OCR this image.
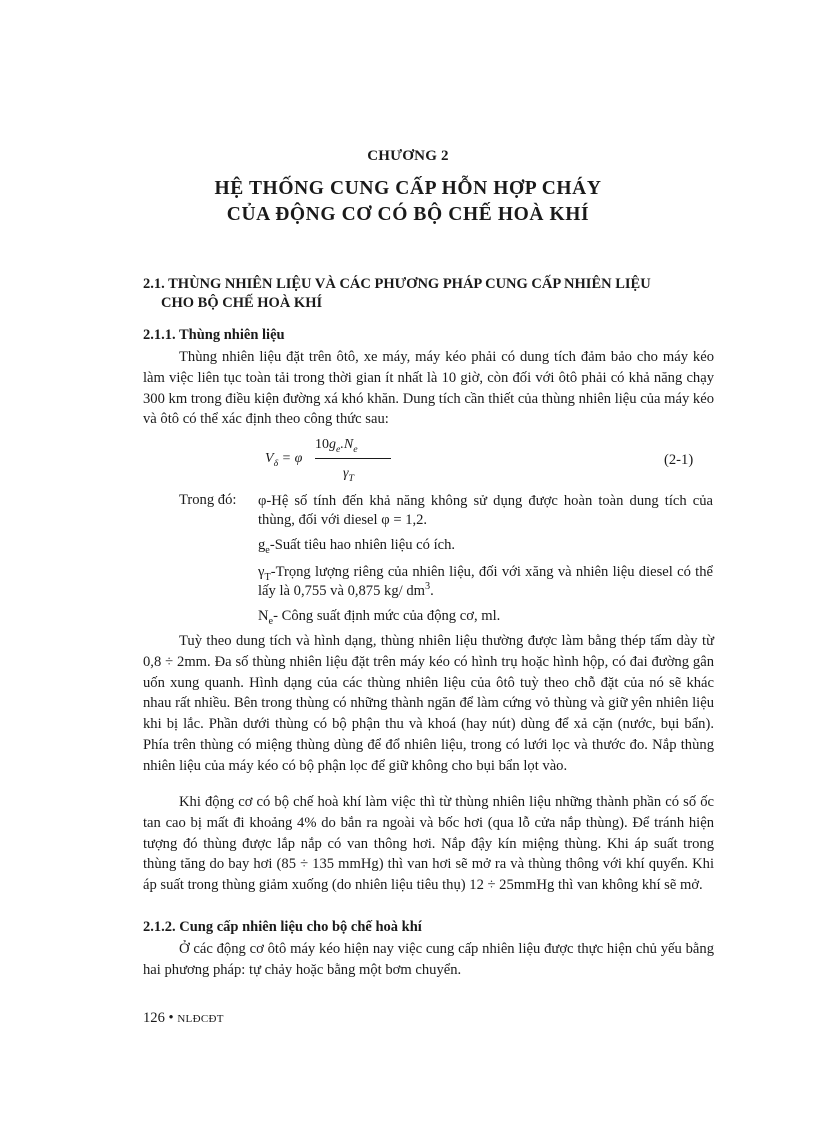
CHƯƠNG 2
HỆ THỐNG CUNG CẤP HỖN HỢP CHÁY
CỦA ĐỘNG CƠ CÓ BỘ CHẾ HOÀ KHÍ
2.1. THÙNG NHIÊN LIỆU VÀ CÁC PHƯƠNG PHÁP CUNG CẤP NHIÊN LIỆU
CHO BỘ CHẾ HOÀ KHÍ
2.1.1. Thùng nhiên liệu

Thùng nhiên liệu đặt trên ôtô, xe máy, máy kéo phải có dung tích đảm bảo cho máy kéo làm việc liên tục toàn tải trong thời gian ít nhất là 10 giờ, còn đối với ôtô phải có khả năng chạy 300 km trong điều kiện đường xá khó khăn. Dung tích cần thiết của thùng nhiên liệu của máy kéo và ôtô có thể xác định theo công thức sau:

$V_\delta = \varphi$
$10g_e.N_e$
$\gamma_T$
(2-1)
Trong đó: φ-Hệ số tính đến khả năng không sử dụng được hoàn toàn dung tích của thùng, đối với diesel φ = 1,2.

$g_e$-Suất tiêu hao nhiên liệu có ích.

$\gamma_T$-Trọng lượng riêng của nhiên liệu, đối với xăng và nhiên liệu diesel có thể lấy là 0,755 và 0,875 kg/ $dm^3$.

$N_e-$ Công suất định mức của động cơ, ml.

Tuỳ theo dung tích và hình dạng, thùng nhiên liệu thường được làm bằng thép tấm dày từ 0,8 ÷ 2mm. Đa số thùng nhiên liệu đặt trên máy kéo có hình trụ hoặc hình hộp, có đai đường gân uốn xung quanh. Hình dạng của các thùng nhiên liệu của ôtô tuỳ theo chỗ đặt của nó sẽ khác nhau rất nhiều. Bên trong thùng có những thành ngăn để làm cứng vỏ thùng và giữ yên nhiên liệu khi bị lắc. Phần dưới thùng có bộ phận thu và khoá (hay nút) dùng để xả cặn (nước, bụi bẩn). Phía trên thùng có miệng thùng dùng để đổ nhiên liệu, trong có lưới lọc và thước đo. Nắp thùng nhiên liệu của máy kéo có bộ phận lọc để giữ không cho bụi bẩn lọt vào.

Khi động cơ có bộ chế hoà khí làm việc thì từ thùng nhiên liệu những thành phần có số ốc tan cao bị mất đi khoảng 4% do bắn ra ngoài và bốc hơi (qua lỗ cửa nắp thùng). Để tránh hiện tượng đó thùng được lắp nắp có van thông hơi. Nắp đậy kín miệng thùng. Khi áp suất trong thùng tăng do bay hơi (85 ÷ 135 mmHg) thì van hơi sẽ mở ra và thùng thông với khí quyển. Khi áp suất trong thùng giảm xuống (do nhiên liệu tiêu thụ) 12 ÷ 25mmHg thì van không khí sẽ mở.

2.1.2. Cung cấp nhiên liệu cho bộ chế hoà khí

Ở các động cơ ôtô máy kéo hiện nay việc cung cấp nhiên liệu được thực hiện chủ yếu bằng hai phương pháp: tự chảy hoặc bằng một bơm chuyển.

126 • NLĐCĐT
